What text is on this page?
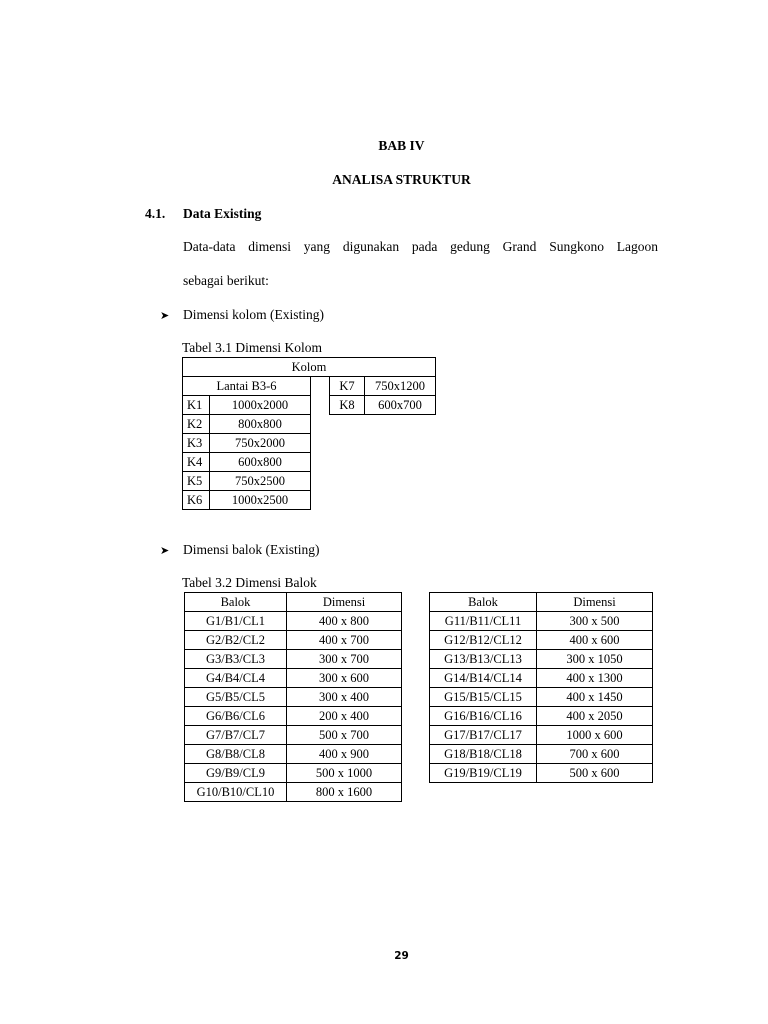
BAB IV
ANALISA STRUKTUR
4.1. Data Existing
Data-data dimensi yang digunakan pada gedung Grand Sungkono Lagoon
sebagai berikut:
➤ Dimensi kolom (Existing)
Tabel 3.1 Dimensi Kolom
Kolom				
Lantai B3-6			K7	750x1200
K1	1000x2000		K8	600x700
K2	800x800			
K3	750x2000			
K4	600x800			
K5	750x2500			
K6	1000x2500			
➤ Dimensi balok (Existing)
Tabel 3.2 Dimensi Balok
Balok	Dimensi
G1/B1/CL1	400 x 800
G2/B2/CL2	400 x 700
G3/B3/CL3	300 x 700
G4/B4/CL4	300 x 600
G5/B5/CL5	300 x 400
G6/B6/CL6	200 x 400
G7/B7/CL7	500 x 700
G8/B8/CL8	400 x 900
G9/B9/CL9	500 x 1000
G10/B10/CL10	800 x 1600
Balok	Dimensi
G11/B11/CL11	300 x 500
G12/B12/CL12	400 x 600
G13/B13/CL13	300 x 1050
G14/B14/CL14	400 x 1300
G15/B15/CL15	400 x 1450
G16/B16/CL16	400 x 2050
G17/B17/CL17	1000 x 600
G18/B18/CL18	700 x 600
G19/B19/CL19	500 x 600
29
